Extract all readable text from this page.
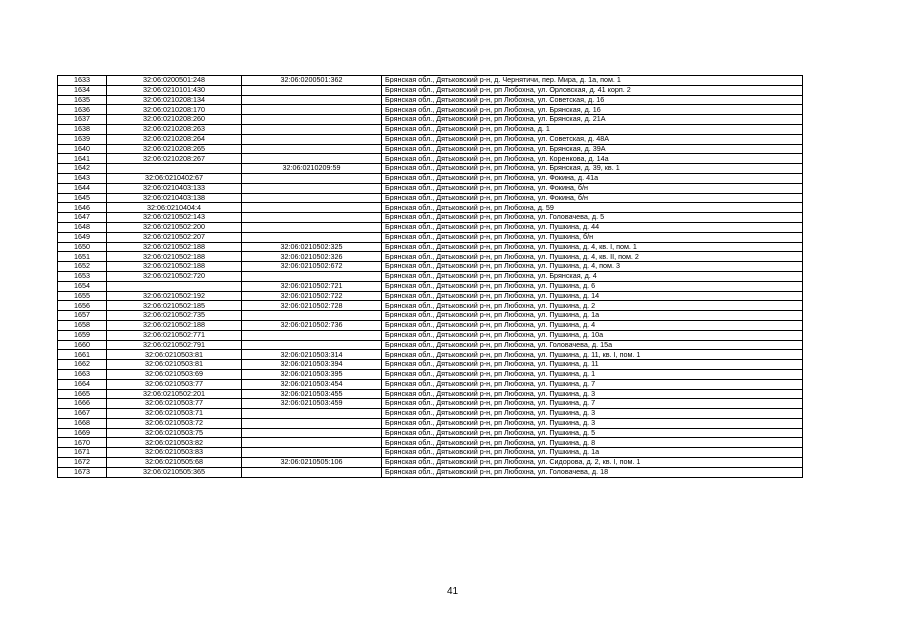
1633	32:06:0200501:248	32:06:0200501:362	Брянская обл., Дятьковский р-н, д. Чернятичи, пер. Мира, д. 1а, пом. 1
1634	32:06:0210101:430		Брянская обл., Дятьковский р-н, рп Любохна, ул. Орловская, д. 41 корп. 2
1635	32:06:0210208:134		Брянская обл., Дятьковский р-н, рп Любохна, ул. Советская, д. 16
1636	32:06:0210208:170		Брянская обл., Дятьковский р-н, рп Любохна, ул. Брянская, д. 16
1637	32:06:0210208:260		Брянская обл., Дятьковский р-н, рп Любохна, ул. Брянская, д. 21А
1638	32:06:0210208:263		Брянская обл., Дятьковский р-н, рп Любохна, д. 1
1639	32:06:0210208:264		Брянская обл., Дятьковский р-н, рп Любохна, ул. Советская, д. 48А
1640	32:06:0210208:265		Брянская обл., Дятьковский р-н, рп Любохна, ул. Брянская, д. 39А
1641	32:06:0210208:267		Брянская обл., Дятьковский р-н, рп Любохна, ул. Коренкова, д. 14а
1642		32:06:0210209:59	Брянская обл., Дятьковский р-н, рп Любохна, ул. Брянская, д. 39, кв. 1
1643	32:06:0210402:67		Брянская обл., Дятьковский р-н, рп Любохна, ул. Фокина, д. 41а
1644	32:06:0210403:133		Брянская обл., Дятьковский р-н, рп Любохна, ул. Фокина, б/н
1645	32:06:0210403:138		Брянская обл., Дятьковский р-н, рп Любохна, ул. Фокина, б/н
1646	32:06:0210404:4		Брянская обл., Дятьковский р-н, рп Любохна, д. 59
1647	32:06:0210502:143		Брянская обл., Дятьковский р-н, рп Любохна, ул. Головачева, д. 5
1648	32:06:0210502:200		Брянская обл., Дятьковский р-н, рп Любохна, ул. Пушкина, д. 44
1649	32:06:0210502:207		Брянская обл., Дятьковский р-н, рп Любохна, ул. Пушкина, б/н
1650	32:06:0210502:188	32:06:0210502:325	Брянская обл., Дятьковский р-н, рп Любохна, ул. Пушкина, д. 4, кв. I, пом. 1
1651	32:06:0210502:188	32:06:0210502:326	Брянская обл., Дятьковский р-н, рп Любохна, ул. Пушкина, д. 4, кв. II, пом. 2
1652	32:06:0210502:188	32:06:0210502:672	Брянская обл., Дятьковский р-н, рп Любохна, ул. Пушкина, д. 4, пом. 3
1653	32:06:0210502:720		Брянская обл., Дятьковский р-н, рп Любохна, ул. Брянская, д. 4
1654		32:06:0210502:721	Брянская обл., Дятьковский р-н, рп Любохна, ул. Пушкина, д. 6
1655	32:06:0210502:192	32:06:0210502:722	Брянская обл., Дятьковский р-н, рп Любохна, ул. Пушкина, д. 14
1656	32:06:0210502:185	32:06:0210502:728	Брянская обл., Дятьковский р-н, рп Любохна, ул. Пушкина, д. 2
1657	32:06:0210502:735		Брянская обл., Дятьковский р-н, рп Любохна, ул. Пушкина, д. 1а
1658	32:06:0210502:188	32:06:0210502:736	Брянская обл., Дятьковский р-н, рп Любохна, ул. Пушкина, д. 4
1659	32:06:0210502:771		Брянская обл., Дятьковский р-н, рп Любохна, ул. Пушкина, д. 10а
1660	32:06:0210502:791		Брянская обл., Дятьковский р-н, рп Любохна, ул. Головачева, д. 15а
1661	32:06:0210503:81	32:06:0210503:314	Брянская обл., Дятьковский р-н, рп Любохна, ул. Пушкина, д. 11, кв. I, пом. 1
1662	32:06:0210503:81	32:06:0210503:394	Брянская обл., Дятьковский р-н, рп Любохна, ул. Пушкина, д. 11
1663	32:06:0210503:69	32:06:0210503:395	Брянская обл., Дятьковский р-н, рп Любохна, ул. Пушкина, д. 1
1664	32:06:0210503:77	32:06:0210503:454	Брянская обл., Дятьковский р-н, рп Любохна, ул. Пушкина, д. 7
1665	32:06:0210502:201	32:06:0210503:455	Брянская обл., Дятьковский р-н, рп Любохна, ул. Пушкина, д. 3
1666	32:06:0210503:77	32:06:0210503:459	Брянская обл., Дятьковский р-н, рп Любохна, ул. Пушкина, д. 7
1667	32:06:0210503:71		Брянская обл., Дятьковский р-н, рп Любохна, ул. Пушкина, д. 3
1668	32:06:0210503:72		Брянская обл., Дятьковский р-н, рп Любохна, ул. Пушкина, д. 3
1669	32:06:0210503:75		Брянская обл., Дятьковский р-н, рп Любохна, ул. Пушкина, д. 5
1670	32:06:0210503:82		Брянская обл., Дятьковский р-н, рп Любохна, ул. Пушкина, д. 8
1671	32:06:0210503:83		Брянская обл., Дятьковский р-н, рп Любохна, ул. Пушкина, д. 1а
1672	32:06:0210505:68	32:06:0210505:106	Брянская обл., Дятьковский р-н, рп Любохна, ул. Сидорова, д. 2, кв. I, пом. 1
1673	32:06:0210505:365		Брянская обл., Дятьковский р-н, рп Любохна, ул. Головачева, д. 18
41
